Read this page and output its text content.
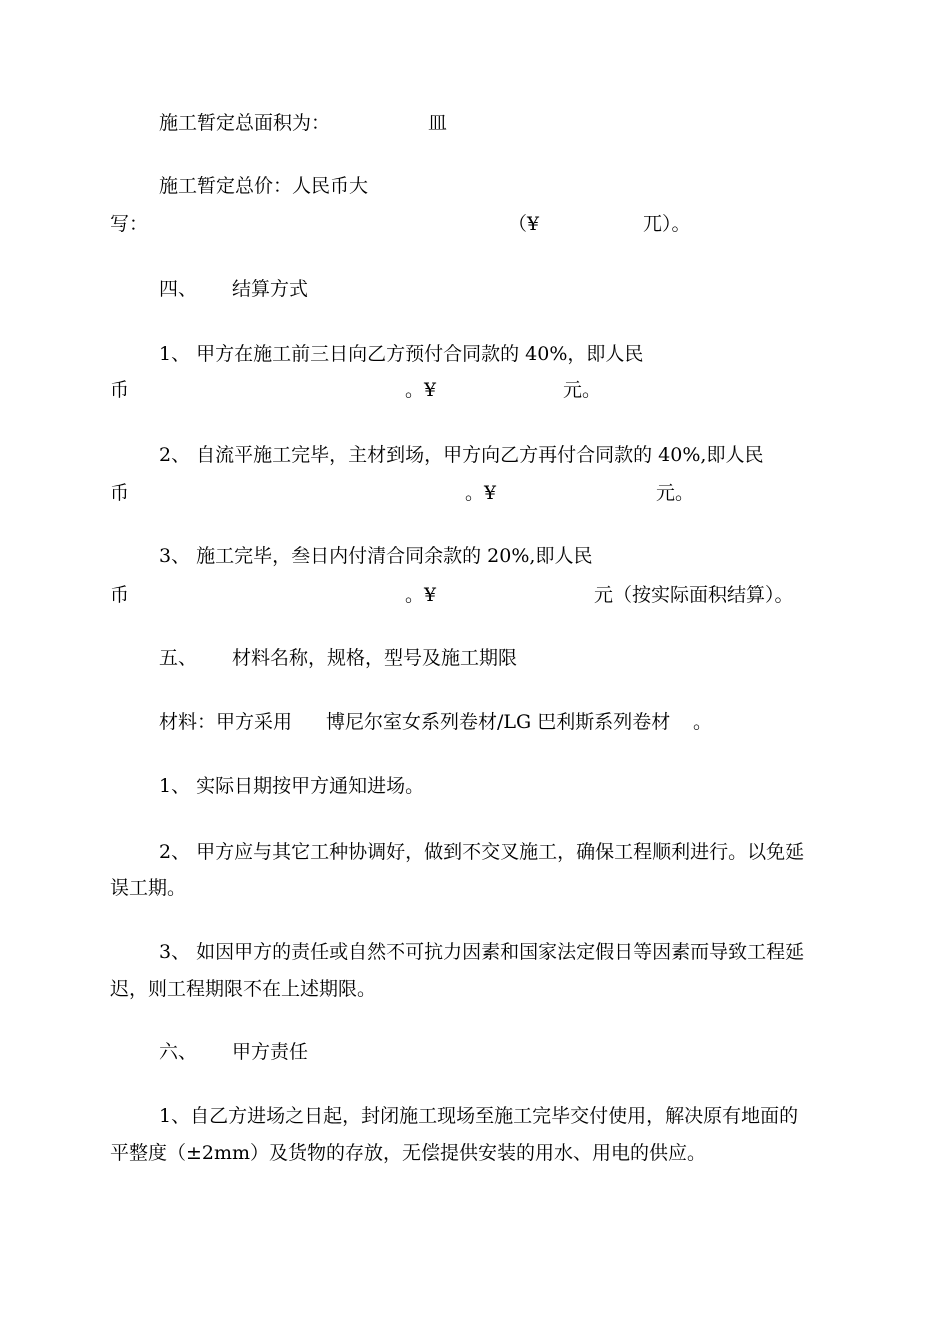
施工暂定总面积为：	皿
施工暂定总价：人民币大
写：	（¥	兀）。
四、 结算方式
1、 甲方在施工前三日向乙方预付合同款的 40%，即人民
币	。¥	元。
2、 自流平施工完毕，主材到场，甲方向乙方再付合同款的 40%,即人民
币	。¥	元。
3、 施工完毕，叁日内付清合同余款的 20%,即人民
币	。¥	元（按实际面积结算）。
五、 材料名称，规格，型号及施工期限
材料：甲方采用 博尼尔室女系列卷材/LG 巴利斯系列卷材 。
1、 实际日期按甲方通知进场。
2、 甲方应与其它工种协调好，做到不交叉施工，确保工程顺利进行。以免延
误工期。
3、 如因甲方的责任或自然不可抗力因素和国家法定假日等因素而导致工程延
迟，则工程期限不在上述期限。
六、 甲方责任
1、自乙方进场之日起，封闭施工现场至施工完毕交付使用，解决原有地面的
平整度（±2mm）及货物的存放，无偿提供安装的用水、用电的供应。
